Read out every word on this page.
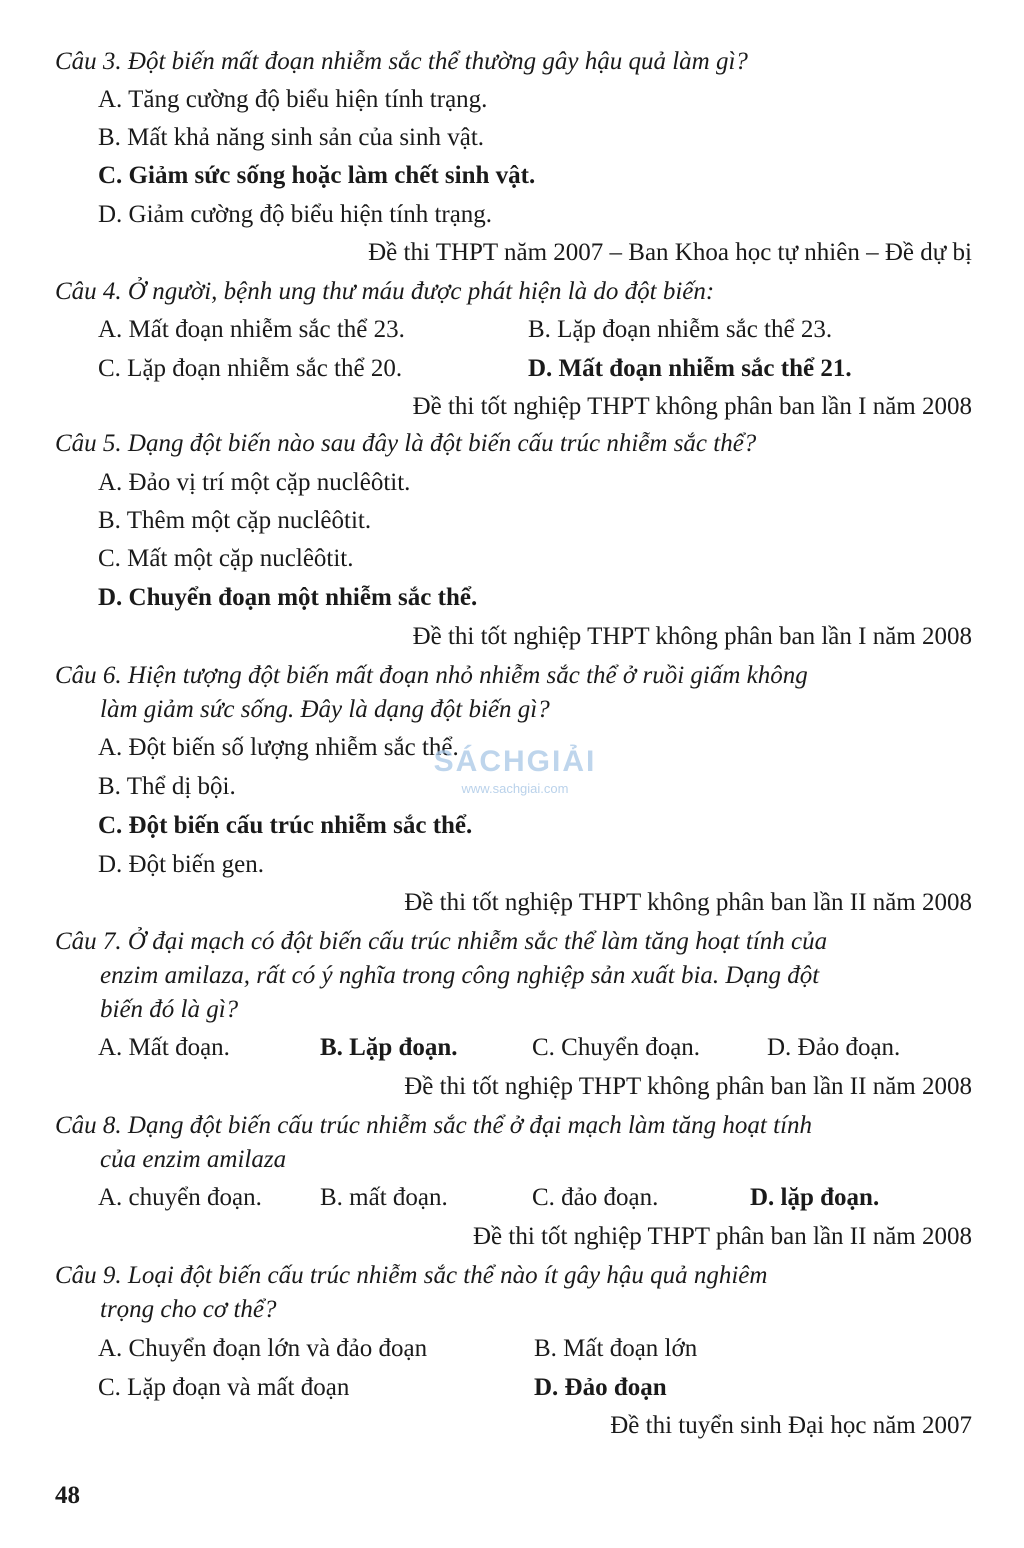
Câu 3. Đột biến mất đoạn nhiễm sắc thể thường gây hậu quả làm gì?
A. Tăng cường độ biểu hiện tính trạng.
B. Mất khả năng sinh sản của sinh vật.
C. Giảm sức sống hoặc làm chết sinh vật.
D. Giảm cường độ biểu hiện tính trạng.
Đề thi THPT năm 2007 – Ban Khoa học tự nhiên – Đề dự bị
Câu 4. Ở người, bệnh ung thư máu được phát hiện là do đột biến:
A. Mất đoạn nhiễm sắc thể 23.	B. Lặp đoạn nhiễm sắc thể 23.
C. Lặp đoạn nhiễm sắc thể 20.	D. Mất đoạn nhiễm sắc thể 21.
Đề thi tốt nghiệp THPT không phân ban lần I năm 2008
Câu 5. Dạng đột biến nào sau đây là đột biến cấu trúc nhiễm sắc thể?
A. Đảo vị trí một cặp nuclêôtit.
B. Thêm một cặp nuclêôtit.
C. Mất một cặp nuclêôtit.
D. Chuyển đoạn một nhiễm sắc thể.
Đề thi tốt nghiệp THPT không phân ban lần I năm 2008
Câu 6. Hiện tượng đột biến mất đoạn nhỏ nhiễm sắc thể ở ruồi giấm không
làm giảm sức sống. Đây là dạng đột biến gì?
A. Đột biến số lượng nhiễm sắc thể.
B. Thể dị bội.
C. Đột biến cấu trúc nhiễm sắc thể.
D. Đột biến gen.
Đề thi tốt nghiệp THPT không phân ban lần II năm 2008
Câu 7. Ở đại mạch có đột biến cấu trúc nhiễm sắc thể làm tăng hoạt tính của
enzim amilaza, rất có ý nghĩa trong công nghiệp sản xuất bia. Dạng đột
biến đó là gì?
A. Mất đoạn.	B. Lặp đoạn.	C. Chuyển đoạn.	D. Đảo đoạn.
Đề thi tốt nghiệp THPT không phân ban lần II năm 2008
Câu 8. Dạng đột biến cấu trúc nhiễm sắc thể ở đại mạch làm tăng hoạt tính
của enzim amilaza
A. chuyển đoạn. B. mất đoạn.	C. đảo đoạn.	D. lặp đoạn.
Đề thi tốt nghiệp THPT phân ban lần II năm 2008
Câu 9. Loại đột biến cấu trúc nhiễm sắc thể nào ít gây hậu quả nghiêm
trọng cho cơ thể?
A. Chuyển đoạn lớn và đảo đoạn	B. Mất đoạn lớn
C. Lặp đoạn và mất đoạn	D. Đảo đoạn
Đề thi tuyển sinh Đại học năm 2007
SÁCHGIẢI
www.sachgiai.com
48
